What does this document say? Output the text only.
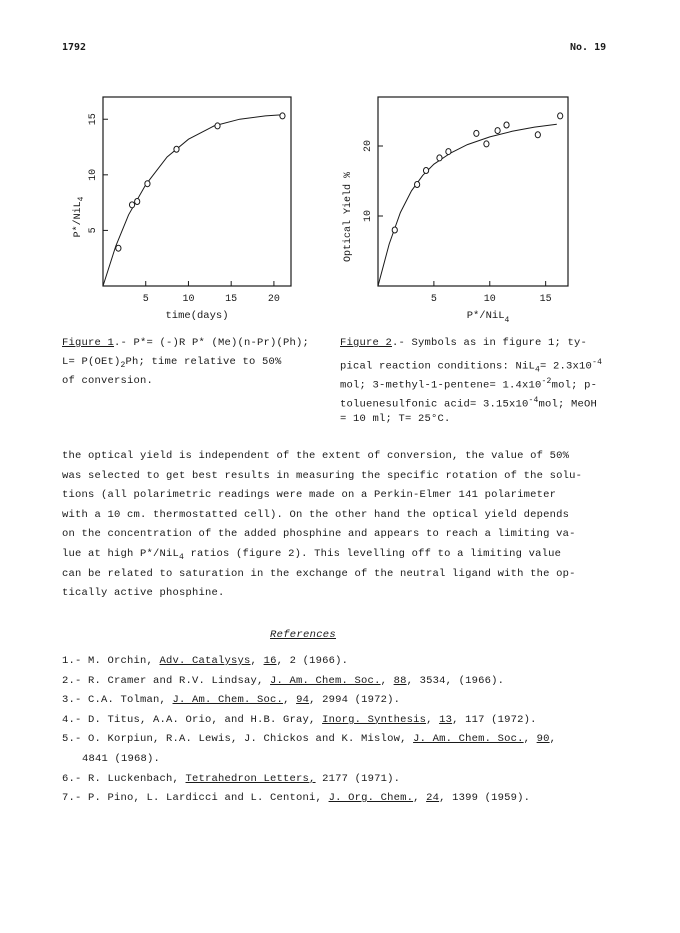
1792	No. 19
5	10	15	20
5
10
15
P*/NiL$_4$
time(days)
5	10	15
10
20
Optical Yield %
P*/NiL$_4$
Figure 1.- P*= (-)R P* (Me)(n-Pr)(Ph);
$L= P(OEt)_2Ph$; time relative to 50%
of conversion.
Figure 2.- Symbols as in figure 1; ty-
pical reaction conditions: $NiL_4= 2.3x10^{-4}$
mol; 3-methyl-1-pentene= $1.4x10^{-2}mol$; p-
toluenesulfonic acid= $3.15x10^{-4}mol$; MeOH
= 10 ml; T= 25°C.
the optical yield is independent of the extent of conversion, the value of 50%
was selected to get best results in measuring the specific rotation of the solu-
tions (all polarimetric readings were made on a Perkin-Elmer 141 polarimeter
with a 10 cm. thermostatted cell). On the other hand the optical yield depends
on the concentration of the added phosphine and appears to reach a limiting va-
lue at high P*/NiL$_4$ ratios (figure 2). This levelling off to a limiting value
can be related to saturation in the exchange of the neutral ligand with the op-
tically active phosphine.
References
1.- M. Orchin, Adv. Catalysys, 16, 2 (1966).
2.- R. Cramer and R.V. Lindsay, J. Am. Chem. Soc., 88, 3534, (1966).
3.- C.A. Tolman, J. Am. Chem. Soc., 94, 2994 (1972).
4.- D. Titus, A.A. Orio, and H.B. Gray, Inorg. Synthesis, 13, 117 (1972).
5.- O. Korpiun, R.A. Lewis, J. Chickos and K. Mislow, J. Am. Chem. Soc., 90,
4841 (1968).
6.- R. Luckenbach, Tetrahedron Letters, 2177 (1971).
7.- P. Pino, L. Lardicci and L. Centoni, J. Org. Chem., 24, 1399 (1959).
